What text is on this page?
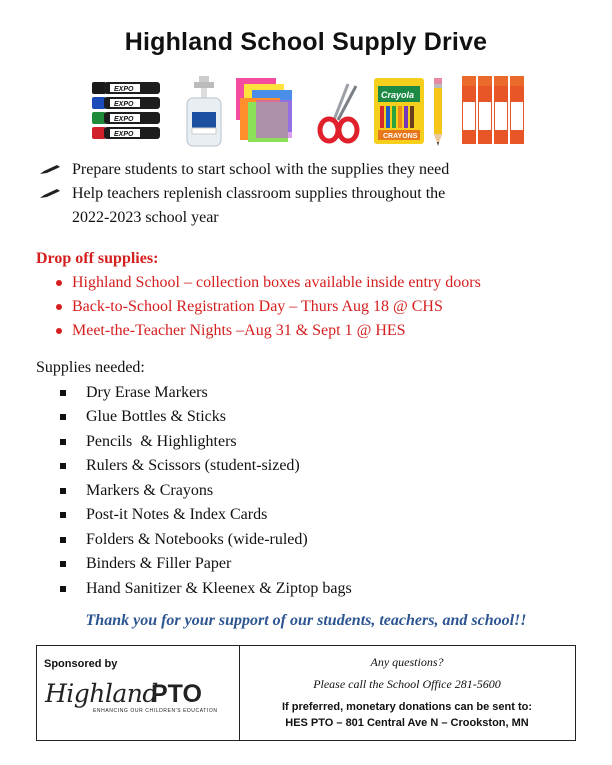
Highland School Supply Drive
EXPO
EXPO
EXPO
EXPO
Crayola
CRAYONS
Prepare students to start school with the supplies they need
Help teachers replenish classroom supplies throughout the
2022-2023 school year
Drop off supplies:
Highland School – collection boxes available inside entry doors
Back-to-School Registration Day – Thurs Aug 18 @ CHS
Meet-the-Teacher Nights –Aug 31 & Sept 1 @ HES
Supplies needed:
Dry Erase Markers
Glue Bottles & Sticks
Pencils  & Highlighters
Rulers & Scissors (student-sized)
Markers & Crayons
Post-it Notes & Index Cards
Folders & Notebooks (wide-ruled)
Binders & Filler Paper
Hand Sanitizer & Kleenex & Ziptop bags
Thank you for your support of our students, teachers, and school!!
Sponsored by
Highland
PTO
ENHANCING OUR CHILDREN'S EDUCATION
Any questions?
Please call the School Office 281-5600
If preferred, monetary donations can be sent to:
HES PTO – 801 Central Ave N – Crookston, MN
